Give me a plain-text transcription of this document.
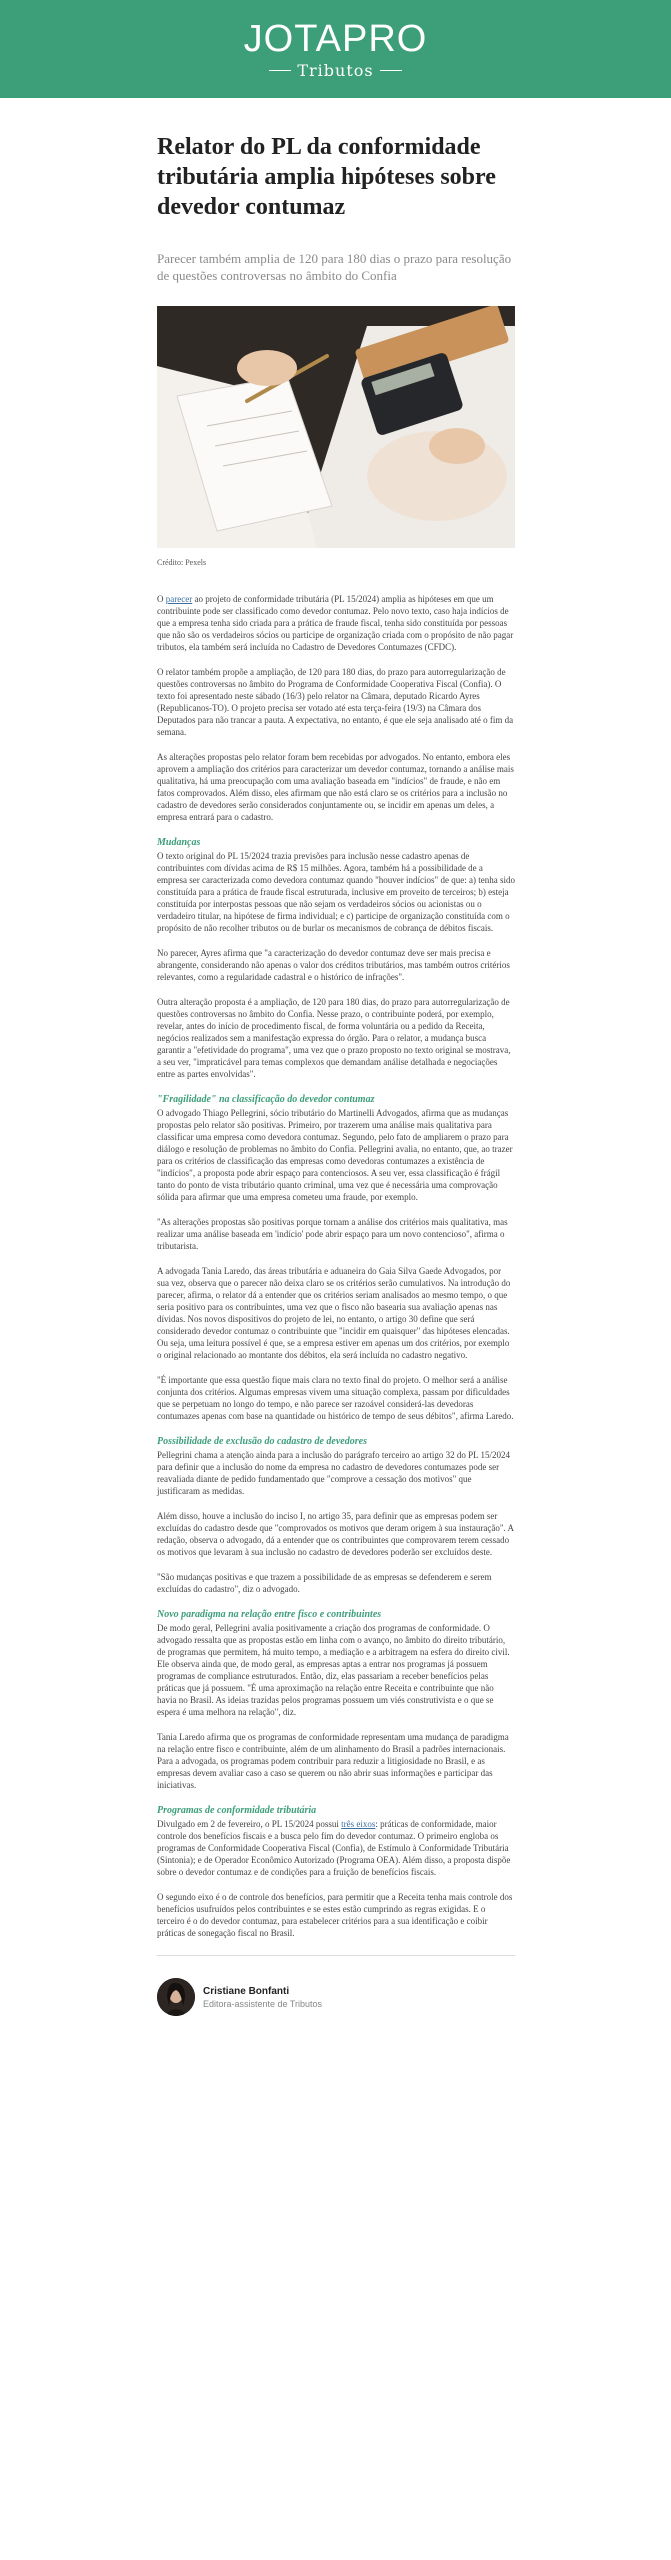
JOTAPRO
Tributos
Relator do PL da conformidade tributária amplia hipóteses sobre devedor contumaz

Parecer também amplia de 120 para 180 dias o prazo para resolução de questões controversas no âmbito do Confia

Crédito: Pexels

O parecer ao projeto de conformidade tributária (PL 15/2024) amplia as hipóteses em que um contribuinte pode ser classificado como devedor contumaz. Pelo novo texto, caso haja indícios de que a empresa tenha sido criada para a prática de fraude fiscal, tenha sido constituída por pessoas que não são os verdadeiros sócios ou participe de organização criada com o propósito de não pagar tributos, ela também será incluída no Cadastro de Devedores Contumazes (CFDC).

O relator também propõe a ampliação, de 120 para 180 dias, do prazo para autorregularização de questões controversas no âmbito do Programa de Conformidade Cooperativa Fiscal (Confia). O texto foi apresentado neste sábado (16/3) pelo relator na Câmara, deputado Ricardo Ayres (Republicanos-TO). O projeto precisa ser votado até esta terça-feira (19/3) na Câmara dos Deputados para não trancar a pauta. A expectativa, no entanto, é que ele seja analisado até o fim da semana.

As alterações propostas pelo relator foram bem recebidas por advogados. No entanto, embora eles aprovem a ampliação dos critérios para caracterizar um devedor contumaz, tornando a análise mais qualitativa, há uma preocupação com uma avaliação baseada em "indícios" de fraude, e não em fatos comprovados. Além disso, eles afirmam que não está claro se os critérios para a inclusão no cadastro de devedores serão considerados conjuntamente ou, se incidir em apenas um deles, a empresa entrará para o cadastro.

Mudanças

O texto original do PL 15/2024 trazia previsões para inclusão nesse cadastro apenas de contribuintes com dívidas acima de R$ 15 milhões. Agora, também há a possibilidade de a empresa ser caracterizada como devedora contumaz quando "houver indícios" de que: a) tenha sido constituída para a prática de fraude fiscal estruturada, inclusive em proveito de terceiros; b) esteja constituída por interpostas pessoas que não sejam os verdadeiros sócios ou acionistas ou o verdadeiro titular, na hipótese de firma individual; e c) participe de organização constituída com o propósito de não recolher tributos ou de burlar os mecanismos de cobrança de débitos fiscais.

No parecer, Ayres afirma que "a caracterização do devedor contumaz deve ser mais precisa e abrangente, considerando não apenas o valor dos créditos tributários, mas também outros critérios relevantes, como a regularidade cadastral e o histórico de infrações".

Outra alteração proposta é a ampliação, de 120 para 180 dias, do prazo para autorregularização de questões controversas no âmbito do Confia. Nesse prazo, o contribuinte poderá, por exemplo, revelar, antes do início de procedimento fiscal, de forma voluntária ou a pedido da Receita, negócios realizados sem a manifestação expressa do órgão. Para o relator, a mudança busca garantir a "efetividade do programa", uma vez que o prazo proposto no texto original se mostrava, a seu ver, "impraticável para temas complexos que demandam análise detalhada e negociações entre as partes envolvidas".

"Fragilidade" na classificação do devedor contumaz

O advogado Thiago Pellegrini, sócio tributário do Martinelli Advogados, afirma que as mudanças propostas pelo relator são positivas. Primeiro, por trazerem uma análise mais qualitativa para classificar uma empresa como devedora contumaz. Segundo, pelo fato de ampliarem o prazo para diálogo e resolução de problemas no âmbito do Confia. Pellegrini avalia, no entanto, que, ao trazer para os critérios de classificação das empresas como devedoras contumazes a existência de "indícios", a proposta pode abrir espaço para contenciosos. A seu ver, essa classificação é frágil tanto do ponto de vista tributário quanto criminal, uma vez que é necessária uma comprovação sólida para afirmar que uma empresa cometeu uma fraude, por exemplo.

"As alterações propostas são positivas porque tornam a análise dos critérios mais qualitativa, mas realizar uma análise baseada em 'indício' pode abrir espaço para um novo contencioso", afirma o tributarista.

A advogada Tania Laredo, das áreas tributária e aduaneira do Gaia Silva Gaede Advogados, por sua vez, observa que o parecer não deixa claro se os critérios serão cumulativos. Na introdução do parecer, afirma, o relator dá a entender que os critérios seriam analisados ao mesmo tempo, o que seria positivo para os contribuintes, uma vez que o fisco não basearia sua avaliação apenas nas dívidas. Nos novos dispositivos do projeto de lei, no entanto, o artigo 30 define que será considerado devedor contumaz o contribuinte que "incidir em quaisquer" das hipóteses elencadas. Ou seja, uma leitura possível é que, se a empresa estiver em apenas um dos critérios, por exemplo o original relacionado ao montante dos débitos, ela será incluída no cadastro negativo.

"É importante que essa questão fique mais clara no texto final do projeto. O melhor será a análise conjunta dos critérios. Algumas empresas vivem uma situação complexa, passam por dificuldades que se perpetuam no longo do tempo, e não parece ser razoável considerá-las devedoras contumazes apenas com base na quantidade ou histórico de tempo de seus débitos", afirma Laredo.

Possibilidade de exclusão do cadastro de devedores

Pellegrini chama a atenção ainda para a inclusão do parágrafo terceiro ao artigo 32 do PL 15/2024 para definir que a inclusão do nome da empresa no cadastro de devedores contumazes pode ser reavaliada diante de pedido fundamentado que "comprove a cessação dos motivos" que justificaram as medidas.

Além disso, houve a inclusão do inciso I, no artigo 35, para definir que as empresas podem ser excluídas do cadastro desde que "comprovados os motivos que deram origem à sua instauração". A redação, observa o advogado, dá a entender que os contribuintes que comprovarem terem cessado os motivos que levaram à sua inclusão no cadastro de devedores poderão ser excluídos deste.

"São mudanças positivas e que trazem a possibilidade de as empresas se defenderem e serem excluídas do cadastro", diz o advogado.

Novo paradigma na relação entre fisco e contribuintes

De modo geral, Pellegrini avalia positivamente a criação dos programas de conformidade. O advogado ressalta que as propostas estão em linha com o avanço, no âmbito do direito tributário, de programas que permitem, há muito tempo, a mediação e a arbitragem na esfera do direito civil. Ele observa ainda que, de modo geral, as empresas aptas a entrar nos programas já possuem programas de compliance estruturados. Então, diz, elas passariam a receber benefícios pelas práticas que já possuem. "É uma aproximação na relação entre Receita e contribuinte que não havia no Brasil. As ideias trazidas pelos programas possuem um viés construtivista e o que se espera é uma melhora na relação", diz.

Tania Laredo afirma que os programas de conformidade representam uma mudança de paradigma na relação entre fisco e contribuinte, além de um alinhamento do Brasil a padrões internacionais. Para a advogada, os programas podem contribuir para reduzir a litigiosidade no Brasil, e as empresas devem avaliar caso a caso se querem ou não abrir suas informações e participar das iniciativas.

Programas de conformidade tributária

Divulgado em 2 de fevereiro, o PL 15/2024 possui três eixos: práticas de conformidade, maior controle dos benefícios fiscais e a busca pelo fim do devedor contumaz. O primeiro engloba os programas de Conformidade Cooperativa Fiscal (Confia), de Estímulo à Conformidade Tributária (Sintonia); e de Operador Econômico Autorizado (Programa OEA). Além disso, a proposta dispõe sobre o devedor contumaz e de condições para a fruição de benefícios fiscais.

O segundo eixo é o de controle dos benefícios, para permitir que a Receita tenha mais controle dos benefícios usufruídos pelos contribuintes e se estes estão cumprindo as regras exigidas. E o terceiro é o do devedor contumaz, para estabelecer critérios para a sua identificação e coibir práticas de sonegação fiscal no Brasil.

Cristiane Bonfanti
Editora-assistente de Tributos
